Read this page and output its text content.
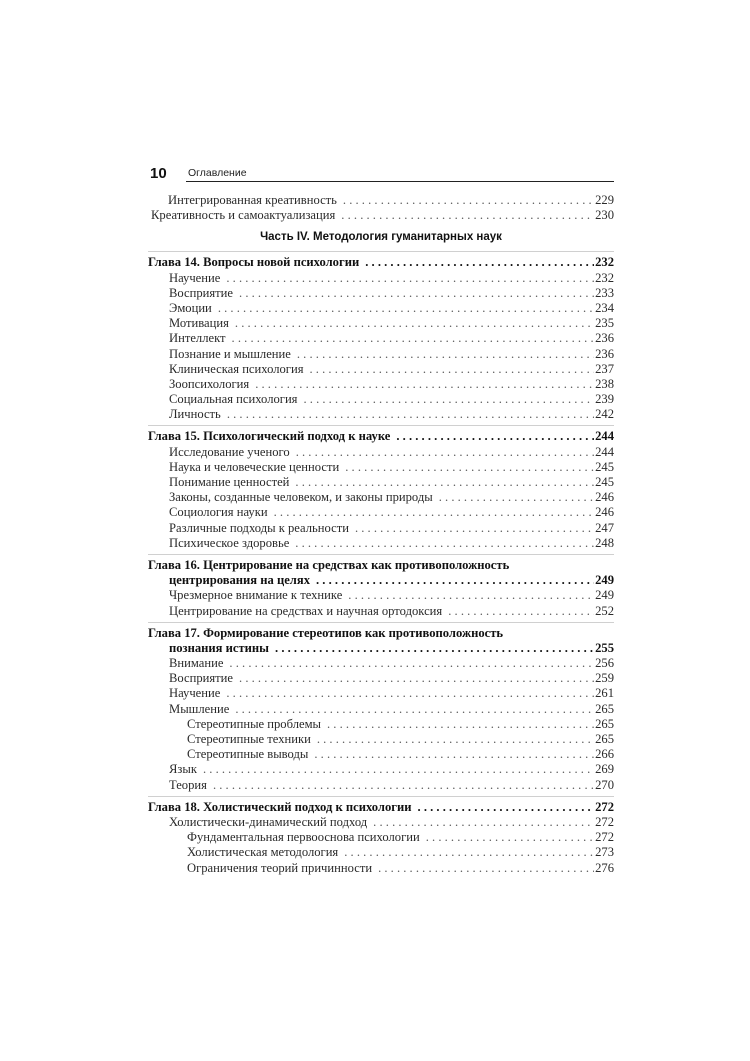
10 Оглавление
Интегрированная креативность . . .	229
Креативность и самоактуализация . . .	230
Часть IV. Методология гуманитарных наук
Глава 14. Вопросы новой психологии . . .	232
Научение . . .	232
Восприятие . . .	233
Эмоции . . .	234
Мотивация . . .	235
Интеллект . . .	236
Познание и мышление . . .	236
Клиническая психология . . .	237
Зоопсихология . . .	238
Социальная психология . . .	239
Личность . . .	242
Глава 15. Психологический подход к науке . . .	244
Исследование ученого . . .	244
Наука и человеческие ценности . . .	245
Понимание ценностей . . .	245
Законы, созданные человеком, и законы природы . . .	246
Социология науки . . .	246
Различные подходы к реальности . . .	247
Психическое здоровье . . .	248
Глава 16. Центрирование на средствах как противоположность
центрирования на целях . . .	249
Чрезмерное внимание к технике . . .	249
Центрирование на средствах и научная ортодоксия . . .	252
Глава 17. Формирование стереотипов как противоположность
познания истины . . .	255
Внимание . . .	256
Восприятие . . .	259
Научение . . .	261
Мышление . . .	265
Стереотипные проблемы . . .	265
Стереотипные техники . . .	265
Стереотипные выводы . . .	266
Язык . . .	269
Теория . . .	270
Глава 18. Холистический подход к психологии . . .	272
Холистически-динамический подход . . .	272
Фундаментальная первооснова психологии . . .	272
Холистическая методология . . .	273
Ограничения теорий причинности . . .	276
